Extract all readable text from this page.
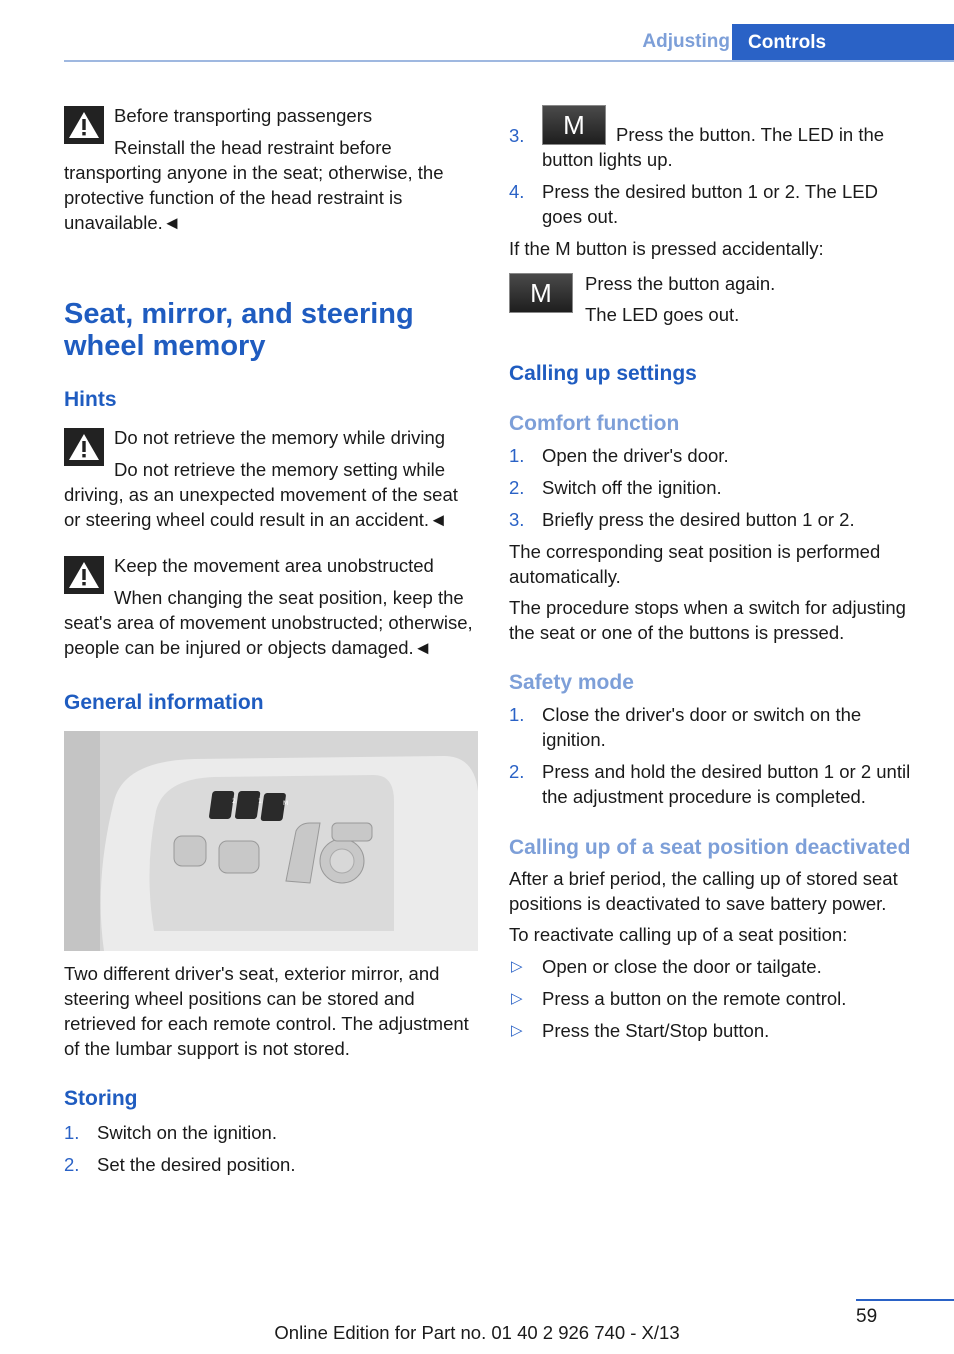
Adjusting Controls
Before transporting passengers
Reinstall the head restraint before transporting anyone in the seat; otherwise, the protective function of the head restraint is unavailable.◄
Seat, mirror, and steering wheel memory
Hints
Do not retrieve the memory while driving
Do not retrieve the memory setting while driving, as an unexpected movement of the seat or steering wheel could result in an accident.◄
Keep the movement area unobstructed
When changing the seat position, keep the seat's area of movement unobstructed; otherwise, people can be injured or objects damaged.◄
General information
2	1	M

Two different driver's seat, exterior mirror, and steering wheel positions can be stored and retrieved for each remote control. The adjustment of the lumbar support is not stored.

Storing
1. Switch on the ignition.
2. Set the desired position.
3.	M	Press the button. The LED in the button lights up.
4. Press the desired button 1 or 2. The LED goes out.

If the M button is pressed accidentally:

M	Press the button again.

The LED goes out.

Calling up settings
Comfort function
1. Open the driver's door.
2. Switch off the ignition.
3. Briefly press the desired button 1 or 2.

The corresponding seat position is performed automatically.

The procedure stops when a switch for adjusting the seat or one of the buttons is pressed.

Safety mode
1. Close the driver's door or switch on the ignition.
2. Press and hold the desired button 1 or 2 until the adjustment procedure is completed.
Calling up of a seat position deactivated

After a brief period, the calling up of stored seat positions is deactivated to save battery power.

To reactivate calling up of a seat position:

▷ Open or close the door or tailgate.
▷ Press a button on the remote control.
▷ Press the Start/Stop button.
59
Online Edition for Part no. 01 40 2 926 740 - X/13
